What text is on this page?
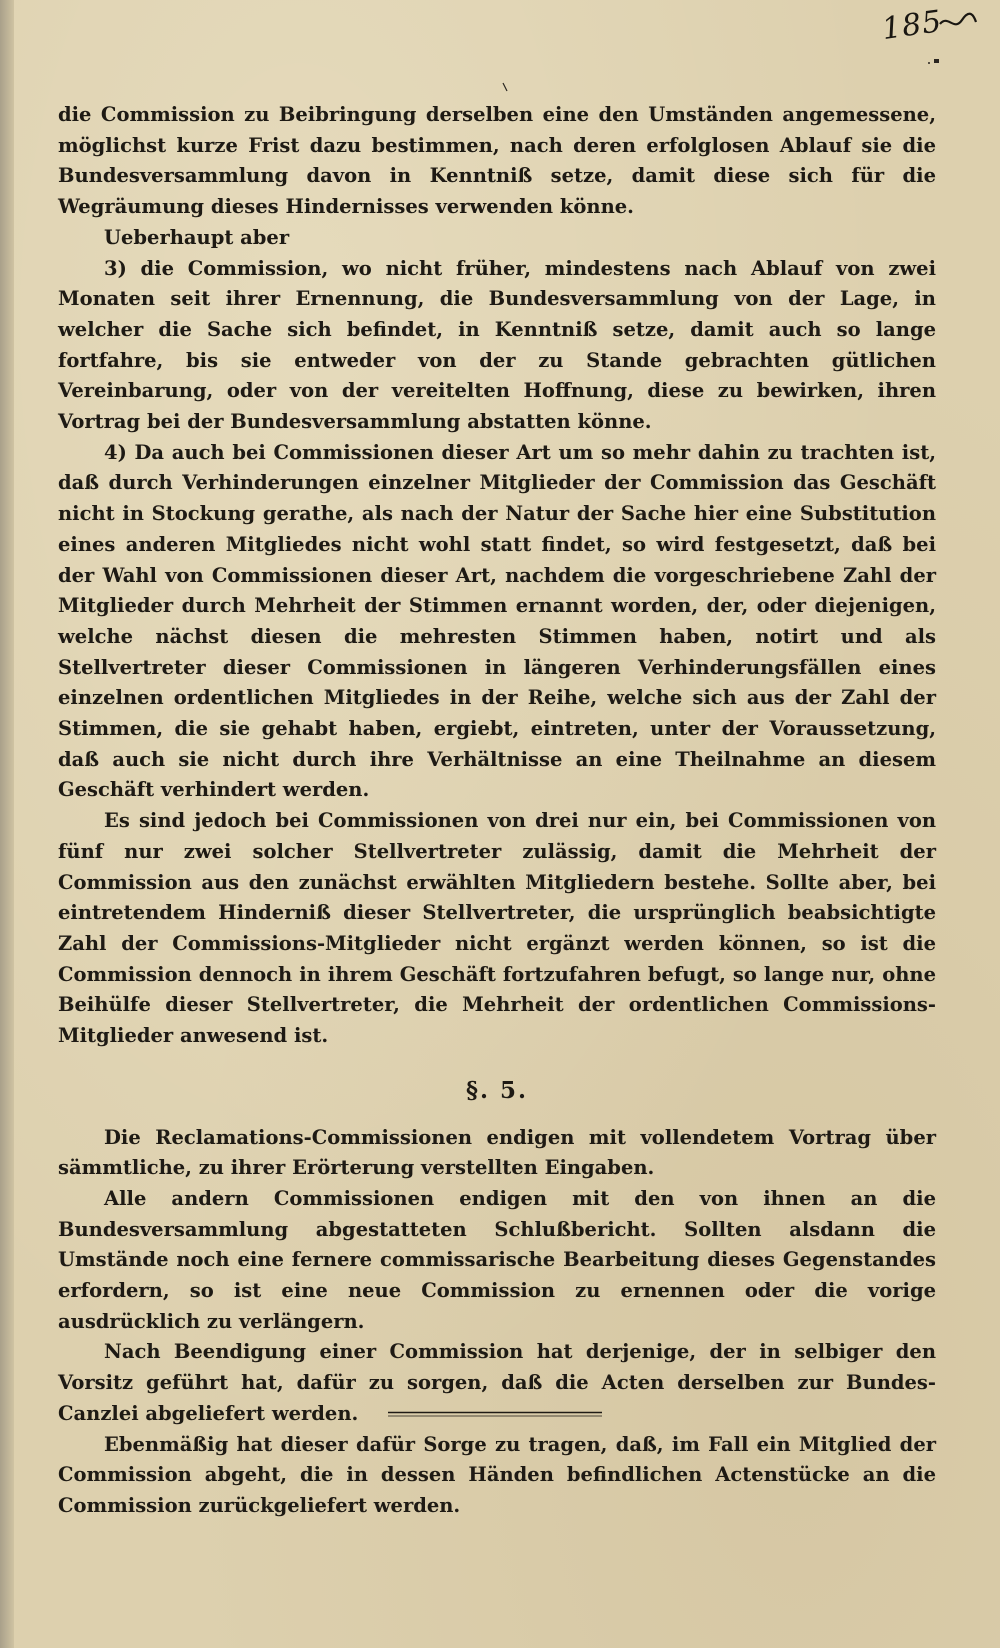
185

die Commission zu Beibringung derselben eine den Umständen angemessene, möglichst kurze Frist dazu bestimmen, nach deren erfolglosen Ablauf sie die Bundesversammlung davon in Kenntniß setze, damit diese sich für die Wegräumung dieses Hindernisses verwenden könne.

Ueberhaupt aber

3) die Commission, wo nicht früher, mindestens nach Ablauf von zwei Monaten seit ihrer Ernennung, die Bundesversammlung von der Lage, in welcher die Sache sich befindet, in Kenntniß setze, damit auch so lange fortfahre, bis sie entweder von der zu Stande gebrachten gütlichen Vereinbarung, oder von der vereitelten Hoffnung, diese zu bewirken, ihren Vortrag bei der Bundesversammlung abstatten könne.

4) Da auch bei Commissionen dieser Art um so mehr dahin zu trachten ist, daß durch Verhinderungen einzelner Mitglieder der Commission das Geschäft nicht in Stockung gerathe, als nach der Natur der Sache hier eine Substitution eines anderen Mitgliedes nicht wohl statt findet, so wird festgesetzt, daß bei der Wahl von Commissionen dieser Art, nachdem die vorgeschriebene Zahl der Mitglieder durch Mehrheit der Stimmen ernannt worden, der, oder diejenigen, welche nächst diesen die mehresten Stimmen haben, notirt und als Stellvertreter dieser Commissionen in längeren Verhinderungsfällen eines einzelnen ordentlichen Mitgliedes in der Reihe, welche sich aus der Zahl der Stimmen, die sie gehabt haben, ergiebt, eintreten, unter der Voraussetzung, daß auch sie nicht durch ihre Verhältnisse an eine Theilnahme an diesem Geschäft verhindert werden.

Es sind jedoch bei Commissionen von drei nur ein, bei Commissionen von fünf nur zwei solcher Stellvertreter zulässig, damit die Mehrheit der Commission aus den zunächst erwählten Mitgliedern bestehe. Sollte aber, bei eintretendem Hinderniß dieser Stellvertreter, die ursprünglich beabsichtigte Zahl der Commissions-Mitglieder nicht ergänzt werden können, so ist die Commission dennoch in ihrem Geschäft fortzufahren befugt, so lange nur, ohne Beihülfe dieser Stellvertreter, die Mehrheit der ordentlichen Commissions-Mitglieder anwesend ist.

§. 5.

Die Reclamations-Commissionen endigen mit vollendetem Vortrag über sämmtliche, zu ihrer Erörterung verstellten Eingaben.

Alle andern Commissionen endigen mit den von ihnen an die Bundesversammlung abgestatteten Schlußbericht. Sollten alsdann die Umstände noch eine fernere commissarische Bearbeitung dieses Gegenstandes erfordern, so ist eine neue Commission zu ernennen oder die vorige ausdrücklich zu verlängern.

Nach Beendigung einer Commission hat derjenige, der in selbiger den Vorsitz geführt hat, dafür zu sorgen, daß die Acten derselben zur Bundes-Canzlei abgeliefert werden.

Ebenmäßig hat dieser dafür Sorge zu tragen, daß, im Fall ein Mitglied der Commission abgeht, die in dessen Händen befindlichen Actenstücke an die Commission zurückgeliefert werden.
